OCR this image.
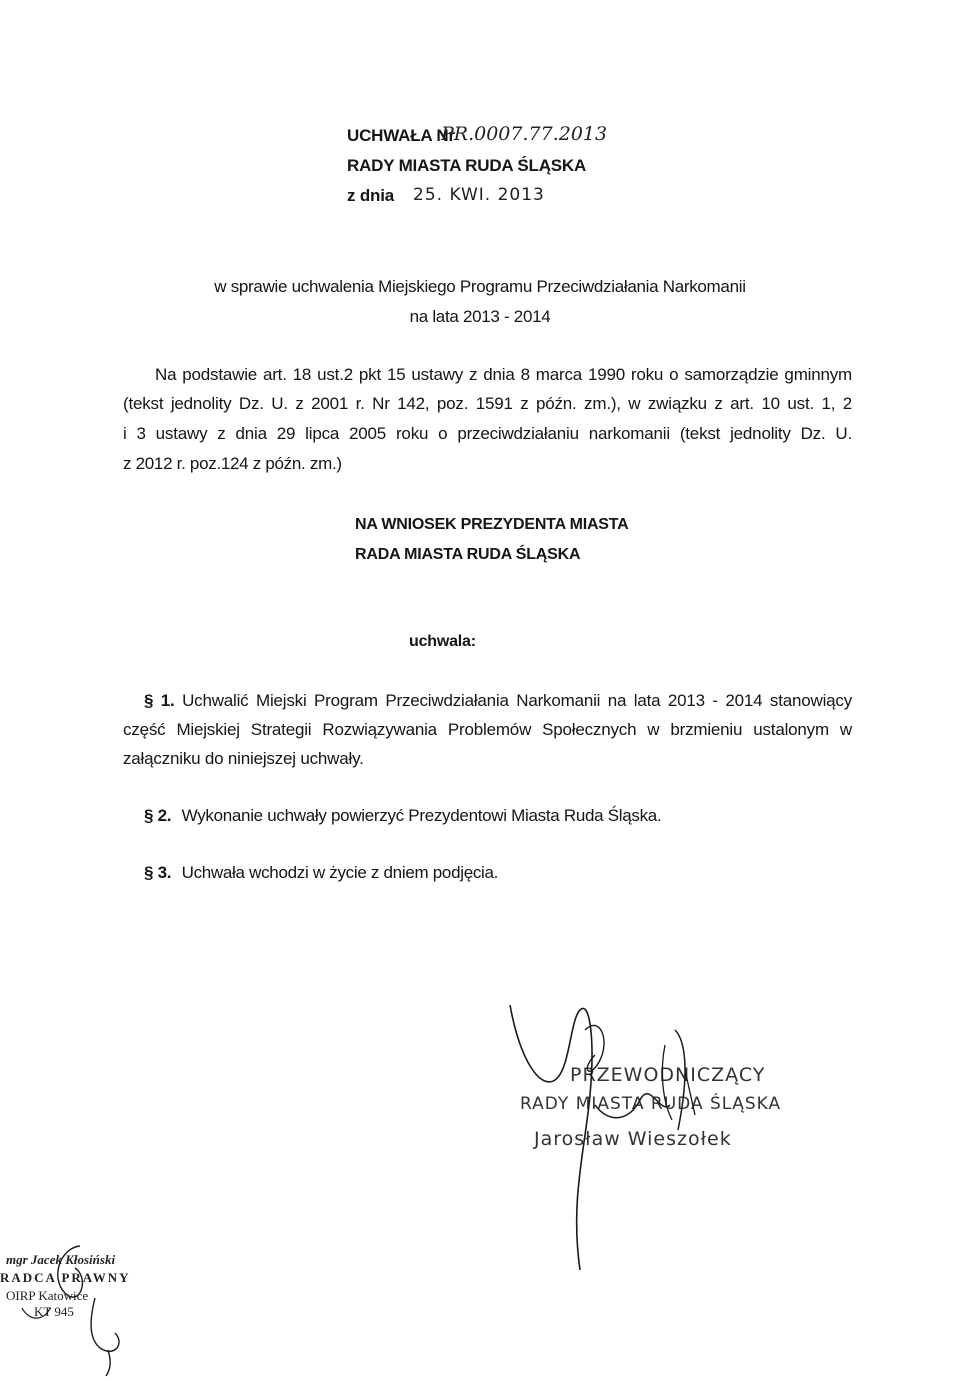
UCHWAŁA Nr
PR.0007.77.2013
RADY MIASTA RUDA ŚLĄSKA
z dnia 25. KWI. 2013
w sprawie uchwalenia Miejskiego Programu Przeciwdziałania Narkomanii
na lata 2013 - 2014
Na podstawie art. 18 ust.2 pkt 15 ustawy z dnia 8 marca 1990 roku o samorządzie gminnym
(tekst jednolity Dz. U. z 2001 r. Nr 142, poz. 1591 z późn. zm.), w związku z art. 10 ust. 1, 2
i 3 ustawy z dnia 29 lipca 2005 roku o przeciwdziałaniu narkomanii (tekst jednolity Dz. U.
z 2012 r. poz.124 z późn. zm.)
NA WNIOSEK PREZYDENTA MIASTA
RADA MIASTA RUDA ŚLĄSKA
uchwala:
§ 1. Uchwalić Miejski Program Przeciwdziałania Narkomanii na lata 2013 - 2014 stanowiący część Miejskiej Strategii Rozwiązywania Problemów Społecznych w brzmieniu ustalonym w załączniku do niniejszej uchwały.
§ 2. Wykonanie uchwały powierzyć Prezydentowi Miasta Ruda Śląska.
§ 3. Uchwała wchodzi w życie z dniem podjęcia.
PRZEWODNICZĄCY
RADY MIASTA RUDA ŚLĄSKA
Jarosław Wieszołek
mgr Jacek Kłosiński
RADCA PRAWNY
OIRP Katowice
KT 945
